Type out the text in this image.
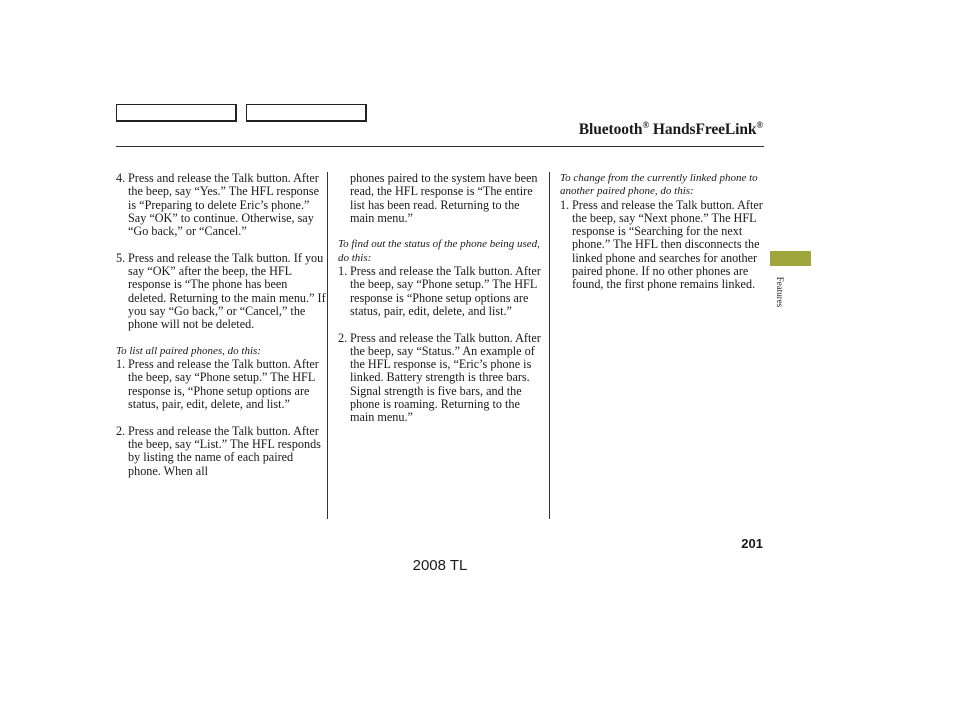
Bluetooth® HandsFreeLink®
Features
4. Press and release the Talk button. After the beep, say “Yes.” The HFL response is “Preparing to delete Eric’s phone.” Say “OK” to continue. Otherwise, say “Go back,” or “Cancel.”
5. Press and release the Talk button. If you say “OK” after the beep, the HFL response is “The phone has been deleted. Returning to the main menu.” If you say “Go back,” or “Cancel,” the phone will not be deleted.
To list all paired phones, do this:
1. Press and release the Talk button. After the beep, say “Phone setup.” The HFL response is, “Phone setup options are status, pair, edit, delete, and list.”
2. Press and release the Talk button. After the beep, say “List.” The HFL responds by listing the name of each paired phone. When all
phones paired to the system have been read, the HFL response is “The entire list has been read. Returning to the main menu.”
To find out the status of the phone being used, do this:
1. Press and release the Talk button. After the beep, say “Phone setup.” The HFL response is “Phone setup options are status, pair, edit, delete, and list.”
2. Press and release the Talk button. After the beep, say “Status.” An example of the HFL response is, “Eric’s phone is linked. Battery strength is three bars. Signal strength is five bars, and the phone is roaming. Returning to the main menu.”
To change from the currently linked phone to another paired phone, do this:
1. Press and release the Talk button. After the beep, say “Next phone.” The HFL response is “Searching for the next phone.” The HFL then disconnects the linked phone and searches for another paired phone. If no other phones are found, the first phone remains linked.
201
2008 TL
